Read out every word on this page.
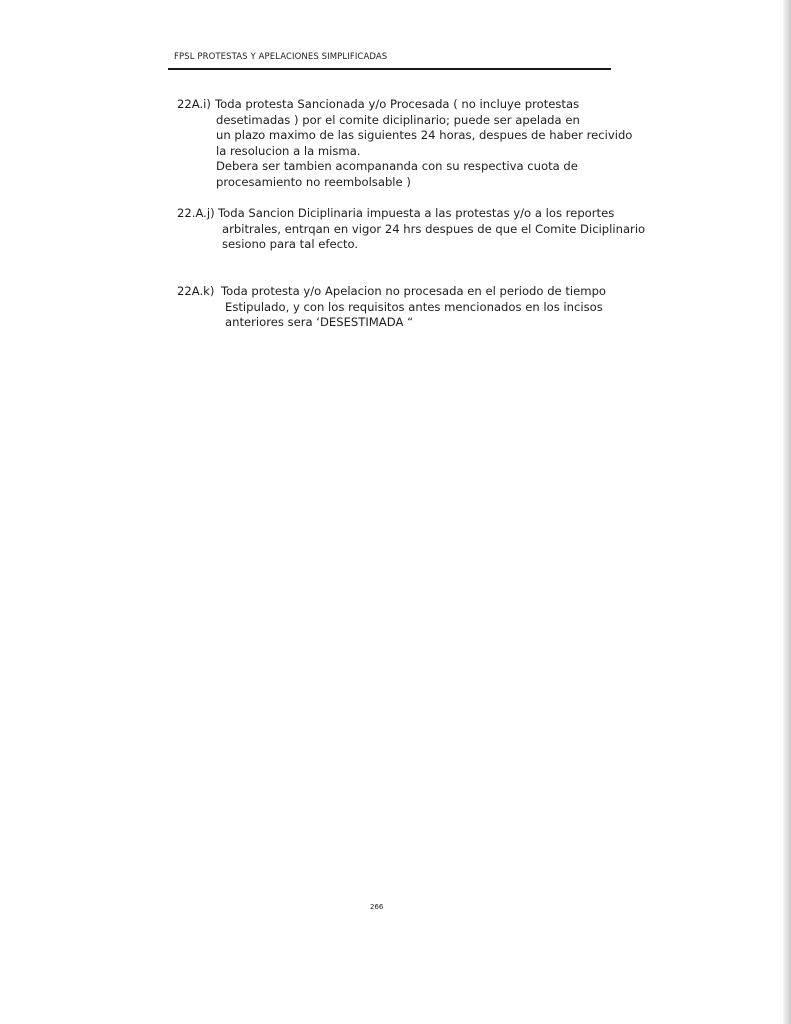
FPSL PROTESTAS Y APELACIONES SIMPLIFICADAS
22A.i) Toda protesta Sancionada y/o Procesada ( no incluye protestas
desetimadas ) por el comite diciplinario; puede ser apelada en
un plazo maximo de las siguientes 24 horas, despues de haber recivido
la resolucion a la misma.
Debera ser tambien acompananda con su respectiva cuota de
procesamiento no reembolsable )
22.A.j) Toda Sancion Diciplinaria impuesta a las protestas y/o a los reportes
arbitrales, entrqan en vigor 24 hrs despues de que el Comite Diciplinario
sesiono para tal efecto.
22A.k) Toda protesta y/o Apelacion no procesada en el periodo de tiempo
Estipulado, y con los requisitos antes mencionados en los incisos
anteriores sera ‘DESESTIMADA “
266
